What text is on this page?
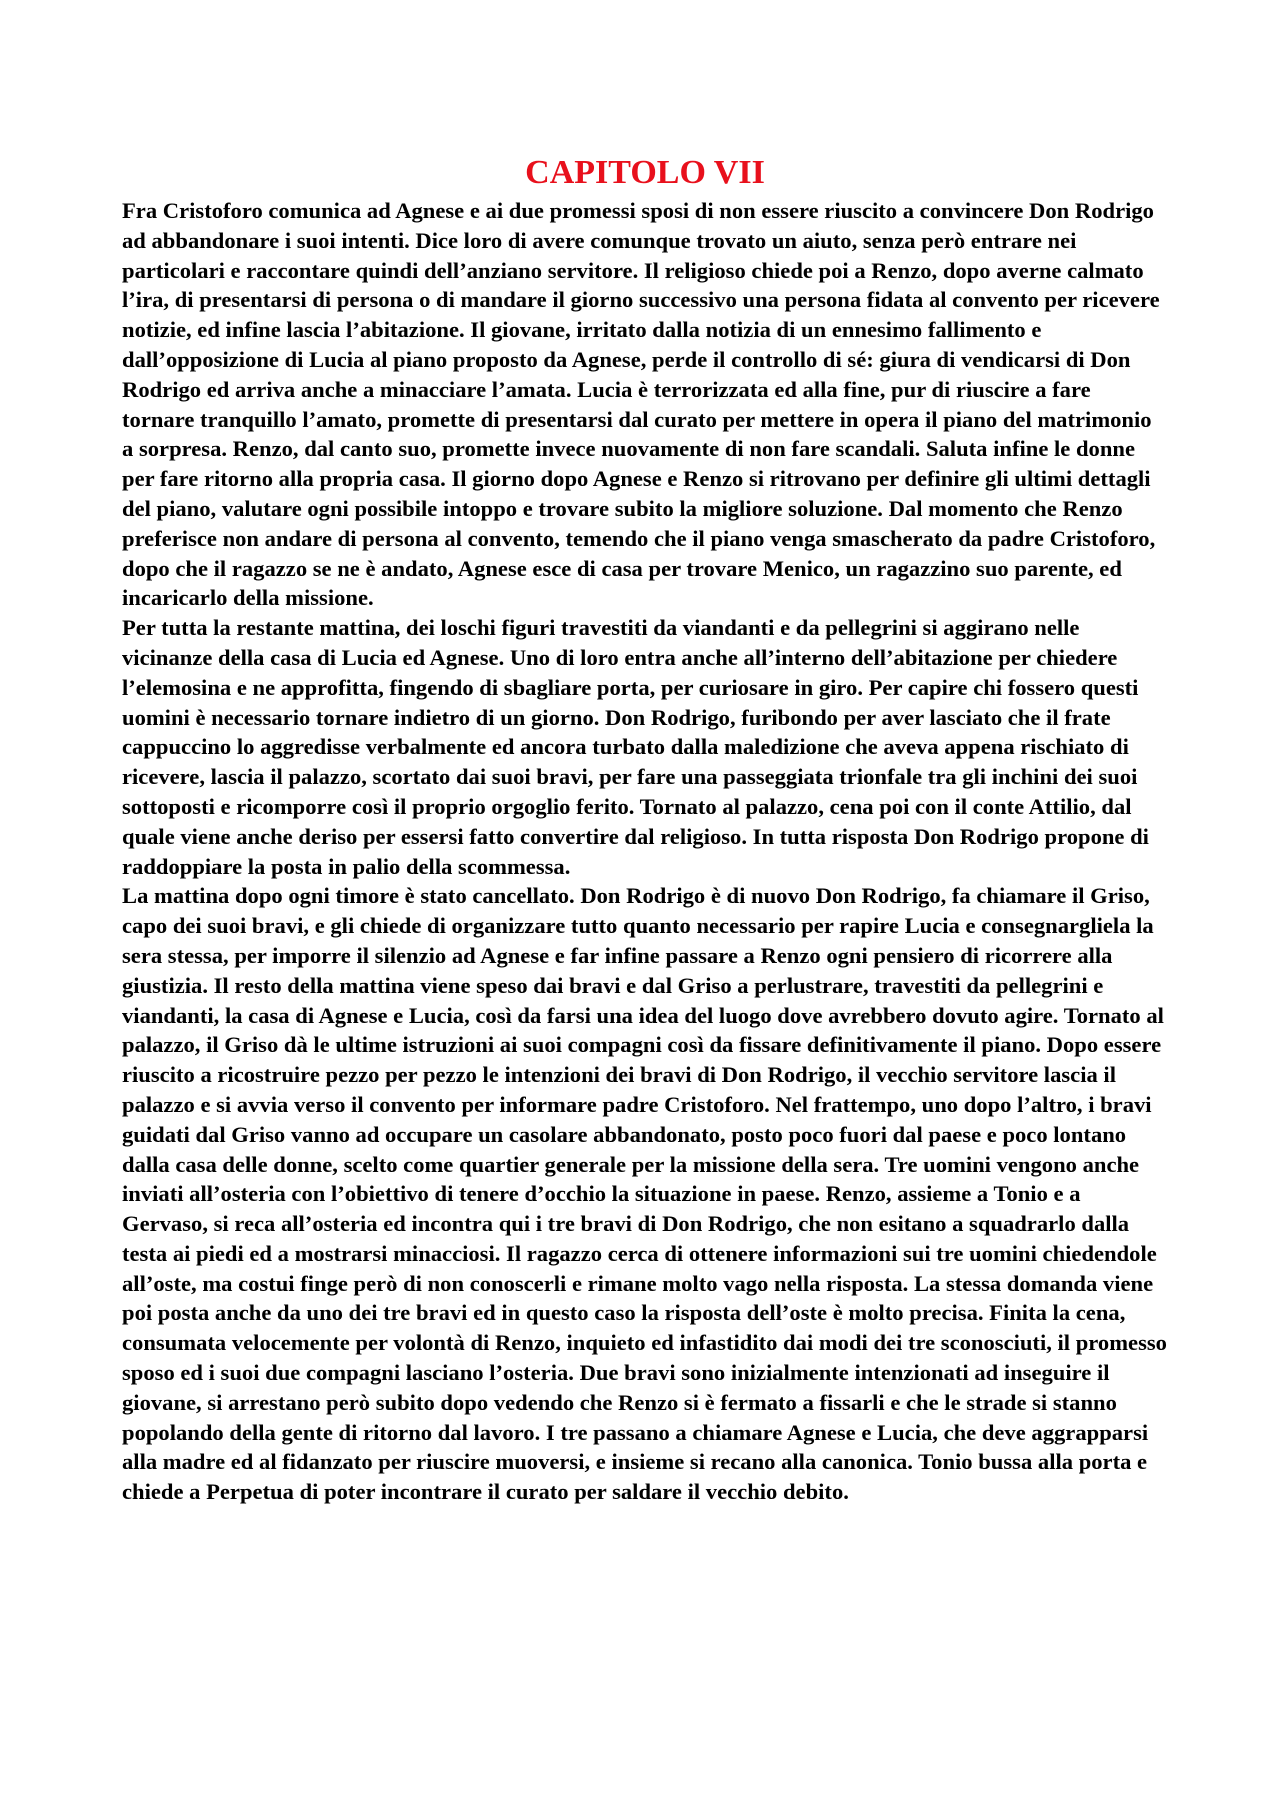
CAPITOLO VII

Fra Cristoforo comunica ad Agnese e ai due promessi sposi di non essere riuscito a convincere Don Rodrigo ad abbandonare i suoi intenti. Dice loro di avere comunque trovato un aiuto, senza però entrare nei particolari e raccontare quindi dell’anziano servitore. Il religioso chiede poi a Renzo, dopo averne calmato l’ira, di presentarsi di persona o di mandare il giorno successivo una persona fidata al convento per ricevere notizie, ed infine lascia l’abitazione. Il giovane, irritato dalla notizia di un ennesimo fallimento e dall’opposizione di Lucia al piano proposto da Agnese, perde il controllo di sé: giura di vendicarsi di Don Rodrigo ed arriva anche a minacciare l’amata. Lucia è terrorizzata ed alla fine, pur di riuscire a fare tornare tranquillo l’amato, promette di presentarsi dal curato per mettere in opera il piano del matrimonio a sorpresa. Renzo, dal canto suo, promette invece nuovamente di non fare scandali. Saluta infine le donne per fare ritorno alla propria casa. Il giorno dopo Agnese e Renzo si ritrovano per definire gli ultimi dettagli del piano, valutare ogni possibile intoppo e trovare subito la migliore soluzione. Dal momento che Renzo preferisce non andare di persona al convento, temendo che il piano venga smascherato da padre Cristoforo, dopo che il ragazzo se ne è andato, Agnese esce di casa per trovare Menico, un ragazzino suo parente, ed incaricarlo della missione.

Per tutta la restante mattina, dei loschi figuri travestiti da viandanti e da pellegrini si aggirano nelle vicinanze della casa di Lucia ed Agnese. Uno di loro entra anche all’interno dell’abitazione per chiedere l’elemosina e ne approfitta, fingendo di sbagliare porta, per curiosare in giro. Per capire chi fossero questi uomini è necessario tornare indietro di un giorno. Don Rodrigo, furibondo per aver lasciato che il frate cappuccino lo aggredisse verbalmente ed ancora turbato dalla maledizione che aveva appena rischiato di ricevere, lascia il palazzo, scortato dai suoi bravi, per fare una passeggiata trionfale tra gli inchini dei suoi sottoposti e ricomporre così il proprio orgoglio ferito. Tornato al palazzo, cena poi con il conte Attilio, dal quale viene anche deriso per essersi fatto convertire dal religioso. In tutta risposta Don Rodrigo propone di raddoppiare la posta in palio della scommessa.

La mattina dopo ogni timore è stato cancellato. Don Rodrigo è di nuovo Don Rodrigo, fa chiamare il Griso, capo dei suoi bravi, e gli chiede di organizzare tutto quanto necessario per rapire Lucia e consegnargliela la sera stessa, per imporre il silenzio ad Agnese e far infine passare a Renzo ogni pensiero di ricorrere alla giustizia. Il resto della mattina viene speso dai bravi e dal Griso a perlustrare, travestiti da pellegrini e viandanti, la casa di Agnese e Lucia, così da farsi una idea del luogo dove avrebbero dovuto agire. Tornato al palazzo, il Griso dà le ultime istruzioni ai suoi compagni così da fissare definitivamente il piano. Dopo essere riuscito a ricostruire pezzo per pezzo le intenzioni dei bravi di Don Rodrigo, il vecchio servitore lascia il palazzo e si avvia verso il convento per informare padre Cristoforo. Nel frattempo, uno dopo l’altro, i bravi guidati dal Griso vanno ad occupare un casolare abbandonato, posto poco fuori dal paese e poco lontano dalla casa delle donne, scelto come quartier generale per la missione della sera. Tre uomini vengono anche inviati all’osteria con l’obiettivo di tenere d’occhio la situazione in paese. Renzo, assieme a Tonio e a Gervaso, si reca all’osteria ed incontra qui i tre bravi di Don Rodrigo, che non esitano a squadrarlo dalla testa ai piedi ed a mostrarsi minacciosi. Il ragazzo cerca di ottenere informazioni sui tre uomini chiedendole all’oste, ma costui finge però di non conoscerli e rimane molto vago nella risposta. La stessa domanda viene poi posta anche da uno dei tre bravi ed in questo caso la risposta dell’oste è molto precisa. Finita la cena, consumata velocemente per volontà di Renzo, inquieto ed infastidito dai modi dei tre sconosciuti, il promesso sposo ed i suoi due compagni lasciano l’osteria. Due bravi sono inizialmente intenzionati ad inseguire il giovane, si arrestano però subito dopo vedendo che Renzo si è fermato a fissarli e che le strade si stanno popolando della gente di ritorno dal lavoro. I tre passano a chiamare Agnese e Lucia, che deve aggrapparsi alla madre ed al fidanzato per riuscire muoversi, e insieme si recano alla canonica. Tonio bussa alla porta e chiede a Perpetua di poter incontrare il curato per saldare il vecchio debito.
